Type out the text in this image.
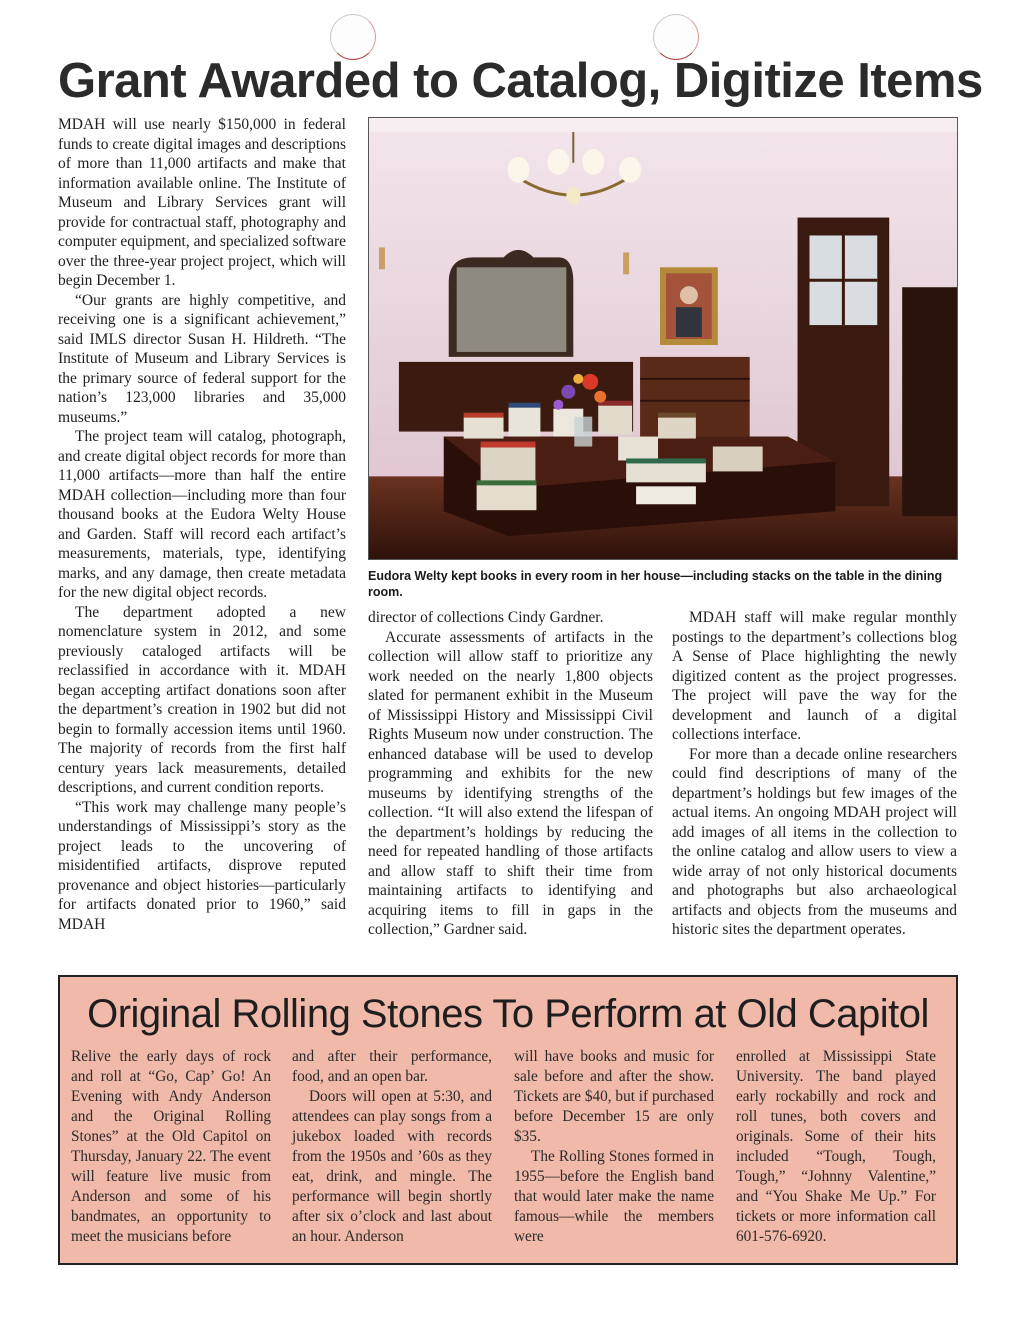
Grant Awarded to Catalog, Digitize Items

MDAH will use nearly $150,000 in federal funds to create digital images and descriptions of more than 11,000 artifacts and make that information available online. The Institute of Museum and Library Services grant will provide for contractual staff, photography and computer equipment, and specialized software over the three-year project project, which will begin December 1.

“Our grants are highly competitive, and receiving one is a significant achievement,” said IMLS director Susan H. Hildreth. “The Institute of Museum and Library Services is the primary source of federal support for the nation’s 123,000 libraries and 35,000 museums.”

The project team will catalog, photograph, and create digital object records for more than 11,000 artifacts—more than half the entire MDAH collection—including more than four thousand books at the Eudora Welty House and Garden. Staff will record each artifact’s measurements, materials, type, identifying marks, and any damage, then create metadata for the new digital object records.

The department adopted a new nomenclature system in 2012, and some previously cataloged artifacts will be reclassified in accordance with it. MDAH began accepting artifact donations soon after the department’s creation in 1902 but did not begin to formally accession items until 1960. The majority of records from the first half century years lack measurements, detailed descriptions, and current condition reports.

“This work may challenge many people’s understandings of Mississippi’s story as the project leads to the uncovering of misidentified artifacts, disprove reputed provenance and object histories—particularly for artifacts donated prior to 1960,” said MDAH

Eudora Welty kept books in every room in her house—including stacks on the table in the dining room.

director of collections Cindy Gardner.

Accurate assessments of artifacts in the collection will allow staff to prioritize any work needed on the nearly 1,800 objects slated for permanent exhibit in the Museum of Mississippi History and Mississippi Civil Rights Museum now under construction. The enhanced database will be used to develop programming and exhibits for the new museums by identifying strengths of the collection. “It will also extend the lifespan of the department’s holdings by reducing the need for repeated handling of those artifacts and allow staff to shift their time from maintaining artifacts to identifying and acquiring items to fill in gaps in the collection,” Gardner said.

MDAH staff will make regular monthly postings to the department’s collections blog A Sense of Place highlighting the newly digitized content as the project progresses. The project will pave the way for the development and launch of a digital collections interface.

For more than a decade online researchers could find descriptions of many of the department’s holdings but few images of the actual items. An ongoing MDAH project will add images of all items in the collection to the online catalog and allow users to view a wide array of not only historical documents and photographs but also archaeological artifacts and objects from the museums and historic sites the department operates.

Original Rolling Stones To Perform at Old Capitol

Relive the early days of rock and roll at “Go, Cap’ Go! An Evening with Andy Anderson and the Original Rolling Stones” at the Old Capitol on Thursday, January 22. The event will feature live music from Anderson and some of his bandmates, an opportunity to meet the musicians before

and after their performance, food, and an open bar.

Doors will open at 5:30, and attendees can play songs from a jukebox loaded with records from the 1950s and ’60s as they eat, drink, and mingle. The performance will begin shortly after six o’clock and last about an hour. Anderson

will have books and music for sale before and after the show. Tickets are $40, but if purchased before December 15 are only $35.

The Rolling Stones formed in 1955—before the English band that would later make the name famous—while the members were

enrolled at Mississippi State University. The band played early rockabilly and rock and roll tunes, both covers and originals. Some of their hits included “Tough, Tough, Tough,” “Johnny Valentine,” and “You Shake Me Up.” For tickets or more information call 601-576-6920.
